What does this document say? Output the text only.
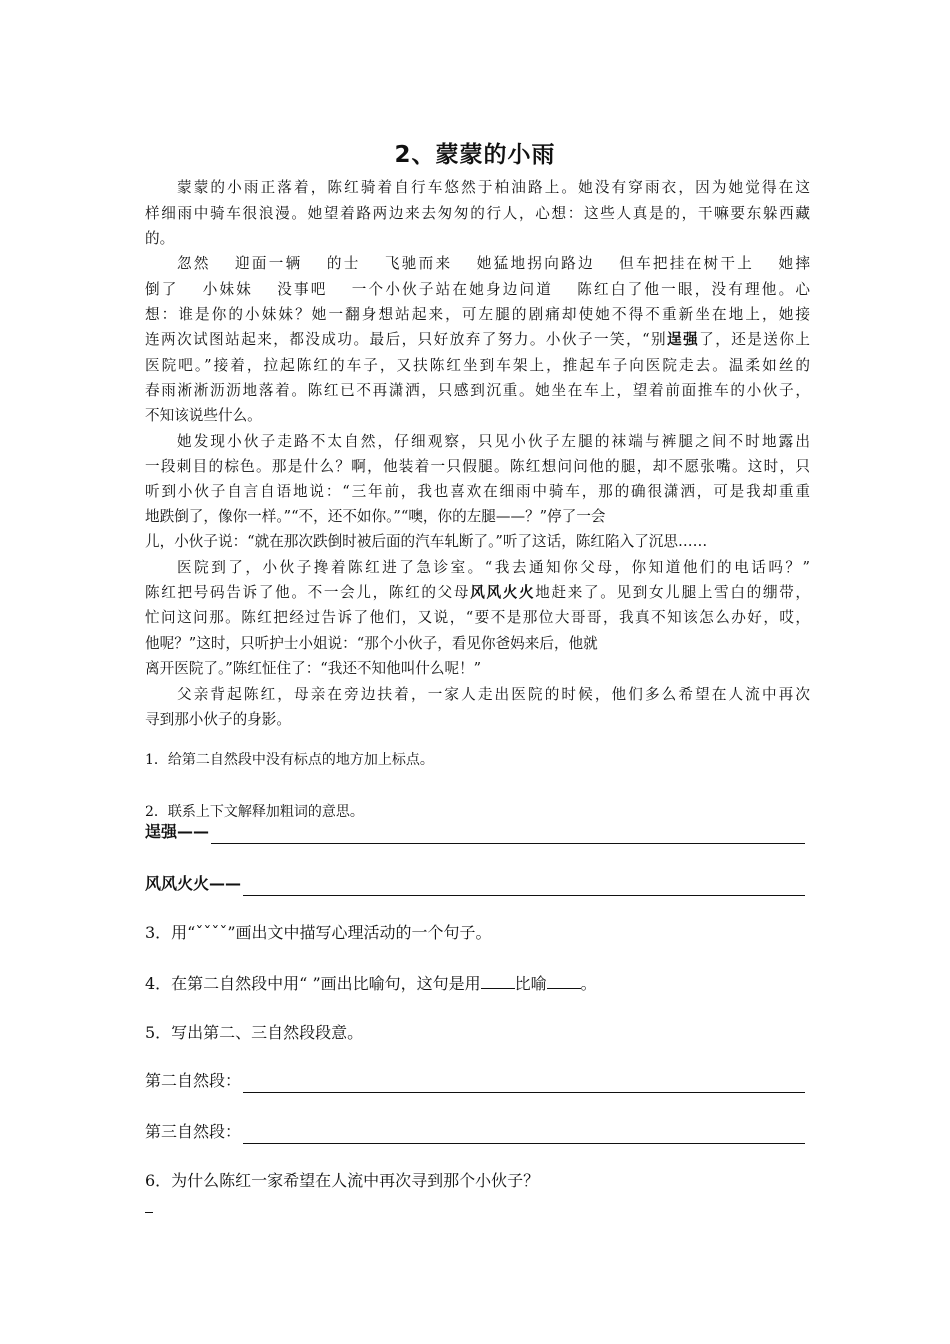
2、蒙蒙的小雨
蒙蒙的小雨正落着，陈红骑着自行车悠然于柏油路上。她没有穿雨衣，因为她觉得在这
样细雨中骑车很浪漫。她望着路两边来去匆匆的行人，心想：这些人真是的，干嘛要东躲西藏
的。
忽然 迎面一辆 的士 飞驰而来 她猛地拐向路边 但车把挂在树干上 她摔
倒了 小妹妹 没事吧 一个小伙子站在她身边问道 陈红白了他一眼，没有理他。心
想：谁是你的小妹妹？她一翻身想站起来，可左腿的剧痛却使她不得不重新坐在地上，她接
连两次试图站起来，都没成功。最后，只好放弃了努力。小伙子一笑，“别逞强了，还是送你上
医院吧。”接着，拉起陈红的车子，又扶陈红坐到车架上，推起车子向医院走去。温柔如丝的
春雨淅淅沥沥地落着。陈红已不再潇洒，只感到沉重。她坐在车上，望着前面推车的小伙子，
不知该说些什么。
她发现小伙子走路不太自然，仔细观察，只见小伙子左腿的袜端与裤腿之间不时地露出
一段刺目的棕色。那是什么？啊，他装着一只假腿。陈红想问问他的腿，却不愿张嘴。这时，只
听到小伙子自言自语地说：“三年前，我也喜欢在细雨中骑车，那的确很潇洒，可是我却重重
地跌倒了，像你一样。”“不，还不如你。”“噢，你的左腿——？”停了一会
儿，小伙子说：“就在那次跌倒时被后面的汽车轧断了。”听了这话，陈红陷入了沉思……
医院到了，小伙子搀着陈红进了急诊室。“我去通知你父母，你知道他们的电话吗？”
陈红把号码告诉了他。不一会儿，陈红的父母风风火火地赶来了。见到女儿腿上雪白的绷带，
忙问这问那。陈红把经过告诉了他们，又说，“要不是那位大哥哥，我真不知该怎么办好，哎，
他呢？”这时，只听护士小姐说：“那个小伙子，看见你爸妈来后，他就
离开医院了。”陈红怔住了：“我还不知他叫什么呢！”
父亲背起陈红，母亲在旁边扶着，一家人走出医院的时候，他们多么希望在人流中再次
寻到那小伙子的身影。
1．给第二自然段中没有标点的地方加上标点。
2．联系上下文解释加粗词的意思。
逞强——
风风火火——
3．用“ˇˇˇˇ”画出文中描写心理活动的一个句子。
4．在第二自然段中用“ ”画出比喻句，这句是用 比喻 。
5．写出第二、三自然段段意。
第二自然段：
第三自然段：
6．为什么陈红一家希望在人流中再次寻到那个小伙子？
